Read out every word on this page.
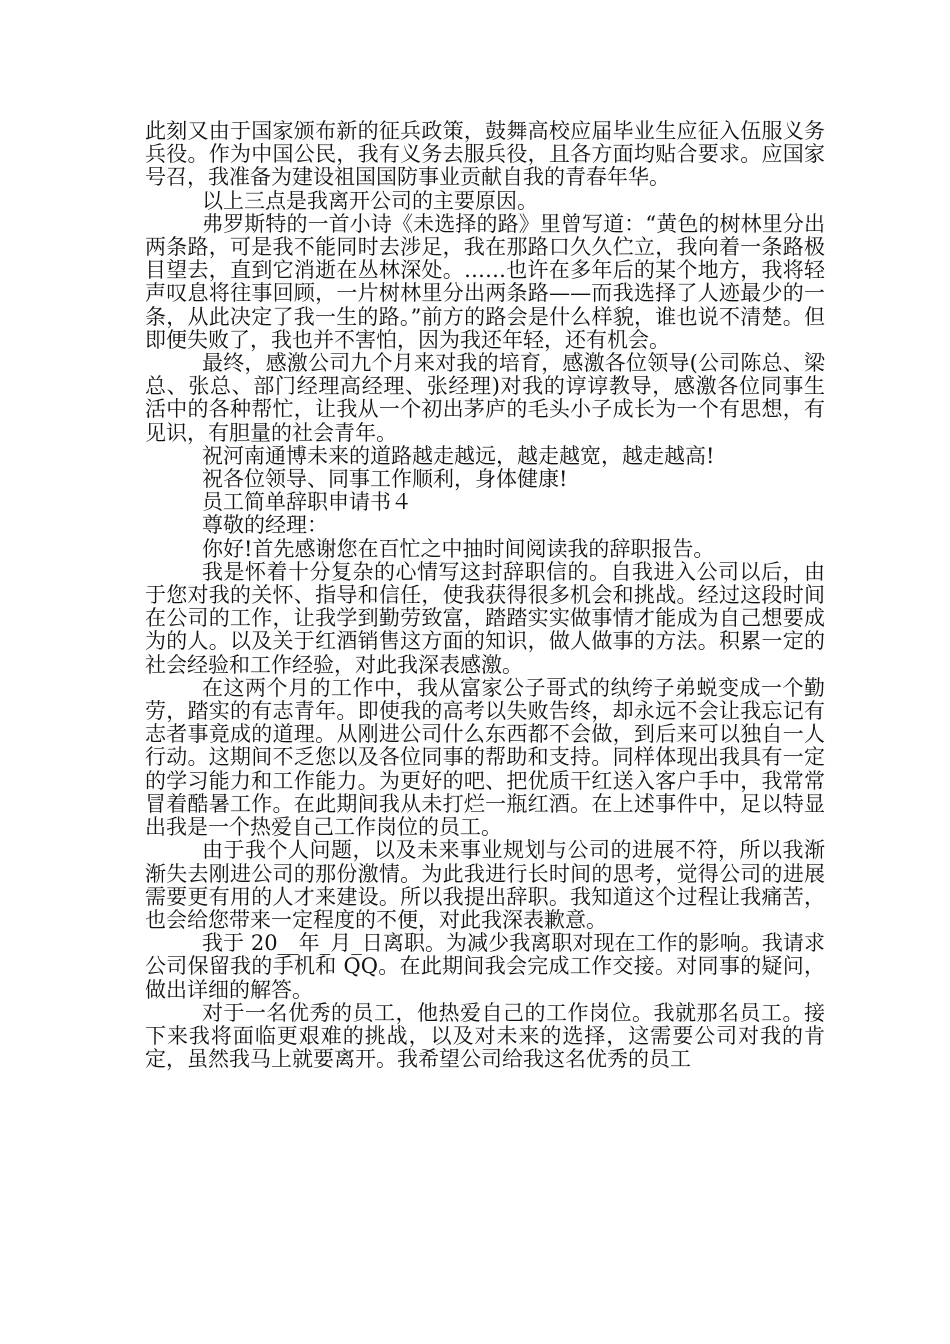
此刻又由于国家颁布新的征兵政策，鼓舞高校应届毕业生应征入伍服义务兵役。作为中国公民，我有义务去服兵役，且各方面均贴合要求。应国家号召，我准备为建设祖国国防事业贡献自我的青春年华。

以上三点是我离开公司的主要原因。

弗罗斯特的一首小诗《未选择的路》里曾写道：“黄色的树林里分出两条路，可是我不能同时去涉足，我在那路口久久伫立，我向着一条路极目望去，直到它消逝在丛林深处。……也许在多年后的某个地方，我将轻声叹息将往事回顾，一片树林里分出两条路——而我选择了人迹最少的一条，从此决定了我一生的路。”前方的路会是什么样貌，谁也说不清楚。但即便失败了，我也并不害怕，因为我还年轻，还有机会。

最终，感激公司九个月来对我的培育，感激各位领导(公司陈总、梁总、张总、部门经理高经理、张经理)对我的谆谆教导，感激各位同事生活中的各种帮忙，让我从一个初出茅庐的毛头小子成长为一个有思想，有见识，有胆量的社会青年。

祝河南通博未来的道路越走越远，越走越宽，越走越高!

祝各位领导、同事工作顺利，身体健康!

员工简单辞职申请书４

尊敬的经理：

你好!首先感谢您在百忙之中抽时间阅读我的辞职报告。

我是怀着十分复杂的心情写这封辞职信的。自我进入公司以后，由于您对我的关怀、指导和信任，使我获得很多机会和挑战。经过这段时间在公司的工作，让我学到勤劳致富，踏踏实实做事情才能成为自己想要成为的人。以及关于红酒销售这方面的知识，做人做事的方法。积累一定的社会经验和工作经验，对此我深表感激。

在这两个月的工作中，我从富家公子哥式的纨绔子弟蜕变成一个勤劳，踏实的有志青年。即使我的高考以失败告终，却永远不会让我忘记有志者事竟成的道理。从刚进公司什么东西都不会做，到后来可以独自一人行动。这期间不乏您以及各位同事的帮助和支持。同样体现出我具有一定的学习能力和工作能力。为更好的吧、把优质干红送入客户手中，我常常冒着酷暑工作。在此期间我从未打烂一瓶红酒。在上述事件中，足以特显出我是一个热爱自己工作岗位的员工。

由于我个人问题，以及未来事业规划与公司的进展不符，所以我渐渐失去刚进公司的那份激情。为此我进行长时间的思考，觉得公司的进展需要更有用的人才来建设。所以我提出辞职。我知道这个过程让我痛苦，也会给您带来一定程度的不便，对此我深表歉意。

我于 20__年_月_日离职。为减少我离职对现在工作的影响。我请求公司保留我的手机和 QQ。在此期间我会完成工作交接。对同事的疑问，做出详细的解答。

对于一名优秀的员工，他热爱自己的工作岗位。我就那名员工。接下来我将面临更艰难的挑战，以及对未来的选择，这需要公司对我的肯定，虽然我马上就要离开。我希望公司给我这名优秀的员工
